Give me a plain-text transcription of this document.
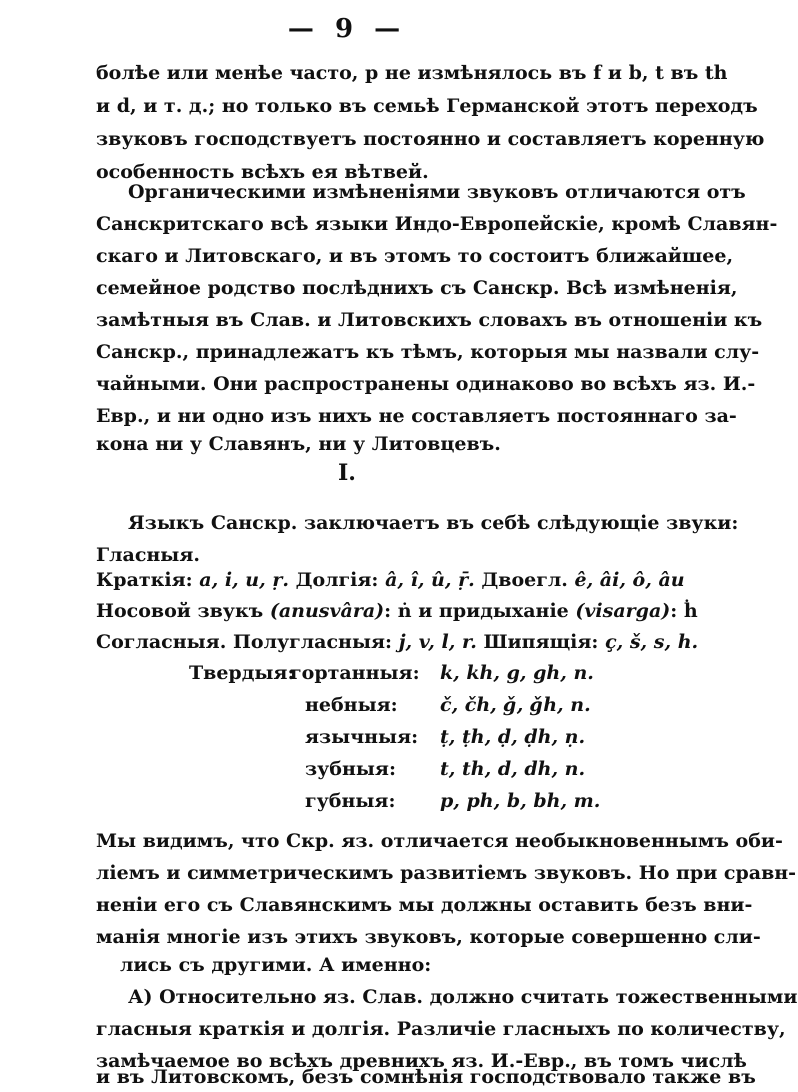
— 9 —
болѣе или менѣе часто, p не измѣнялось въ f и b, t въ th
и d, и т. д.; но только въ семьѣ Германской этотъ переходъ
звуковъ господствуетъ постоянно и составляетъ коренную
особенность всѣхъ ея вѣтвей.
Органическими измѣненіями звуковъ отличаются отъ
Санскритскаго всѣ языки Индо-Европейскіе, кромѣ Славян-
скаго и Литовскаго, и въ этомъ то состоитъ ближайшее,
семейное родство послѣднихъ съ Санскр. Всѣ измѣненія,
замѣтныя въ Слав. и Литовскихъ словахъ въ отношеніи къ
Санскр., принадлежатъ къ тѣмъ, которыя мы назвали слу-
чайными. Они распространены одинаково во всѣхъ яз. И.-
Евр., и ни одно изъ нихъ не составляетъ постояннаго за-
кона ни у Славянъ, ни у Литовцевъ.
I.
Языкъ Санскр. заключаетъ въ себѣ слѣдующіе звуки:
Гласныя.
Краткія: a, i, u, ṛ. Долгія: â, î, û, ṝ. Двоегл. ê, âi, ô, âu
Носовой звукъ (anusvâra): ṅ и придыханіе (visarga): ḣ
Согласныя. Полугласныя: j, v, l, r. Шипящія: ç, š, s, h.
Твердыя:
гортанныя: k, kh, g, gh, n.
небныя: č, čh, ǧ, ǧh, n.
язычныя: ṭ, ṭh, ḍ, ḍh, ṇ.
зубныя: t, th, d, dh, n.
губныя: p, ph, b, bh, m.
Мы видимъ, что Скр. яз. отличается необыкновеннымъ оби-
ліемъ и симметрическимъ развитіемъ звуковъ. Но при сравн-
неніи его съ Славянскимъ мы должны оставить безъ вни-
манія многіе изъ этихъ звуковъ, которые совершенно сли-
лись съ другими. А именно:
А) Относительно яз. Слав. должно считать тожественными
гласныя краткія и долгія. Различіе гласныхъ по количеству,
замѣчаемое во всѣхъ древнихъ яз. И.-Евр., въ томъ числѣ
и въ Литовскомъ, безъ сомнѣнія господствовало также въ
